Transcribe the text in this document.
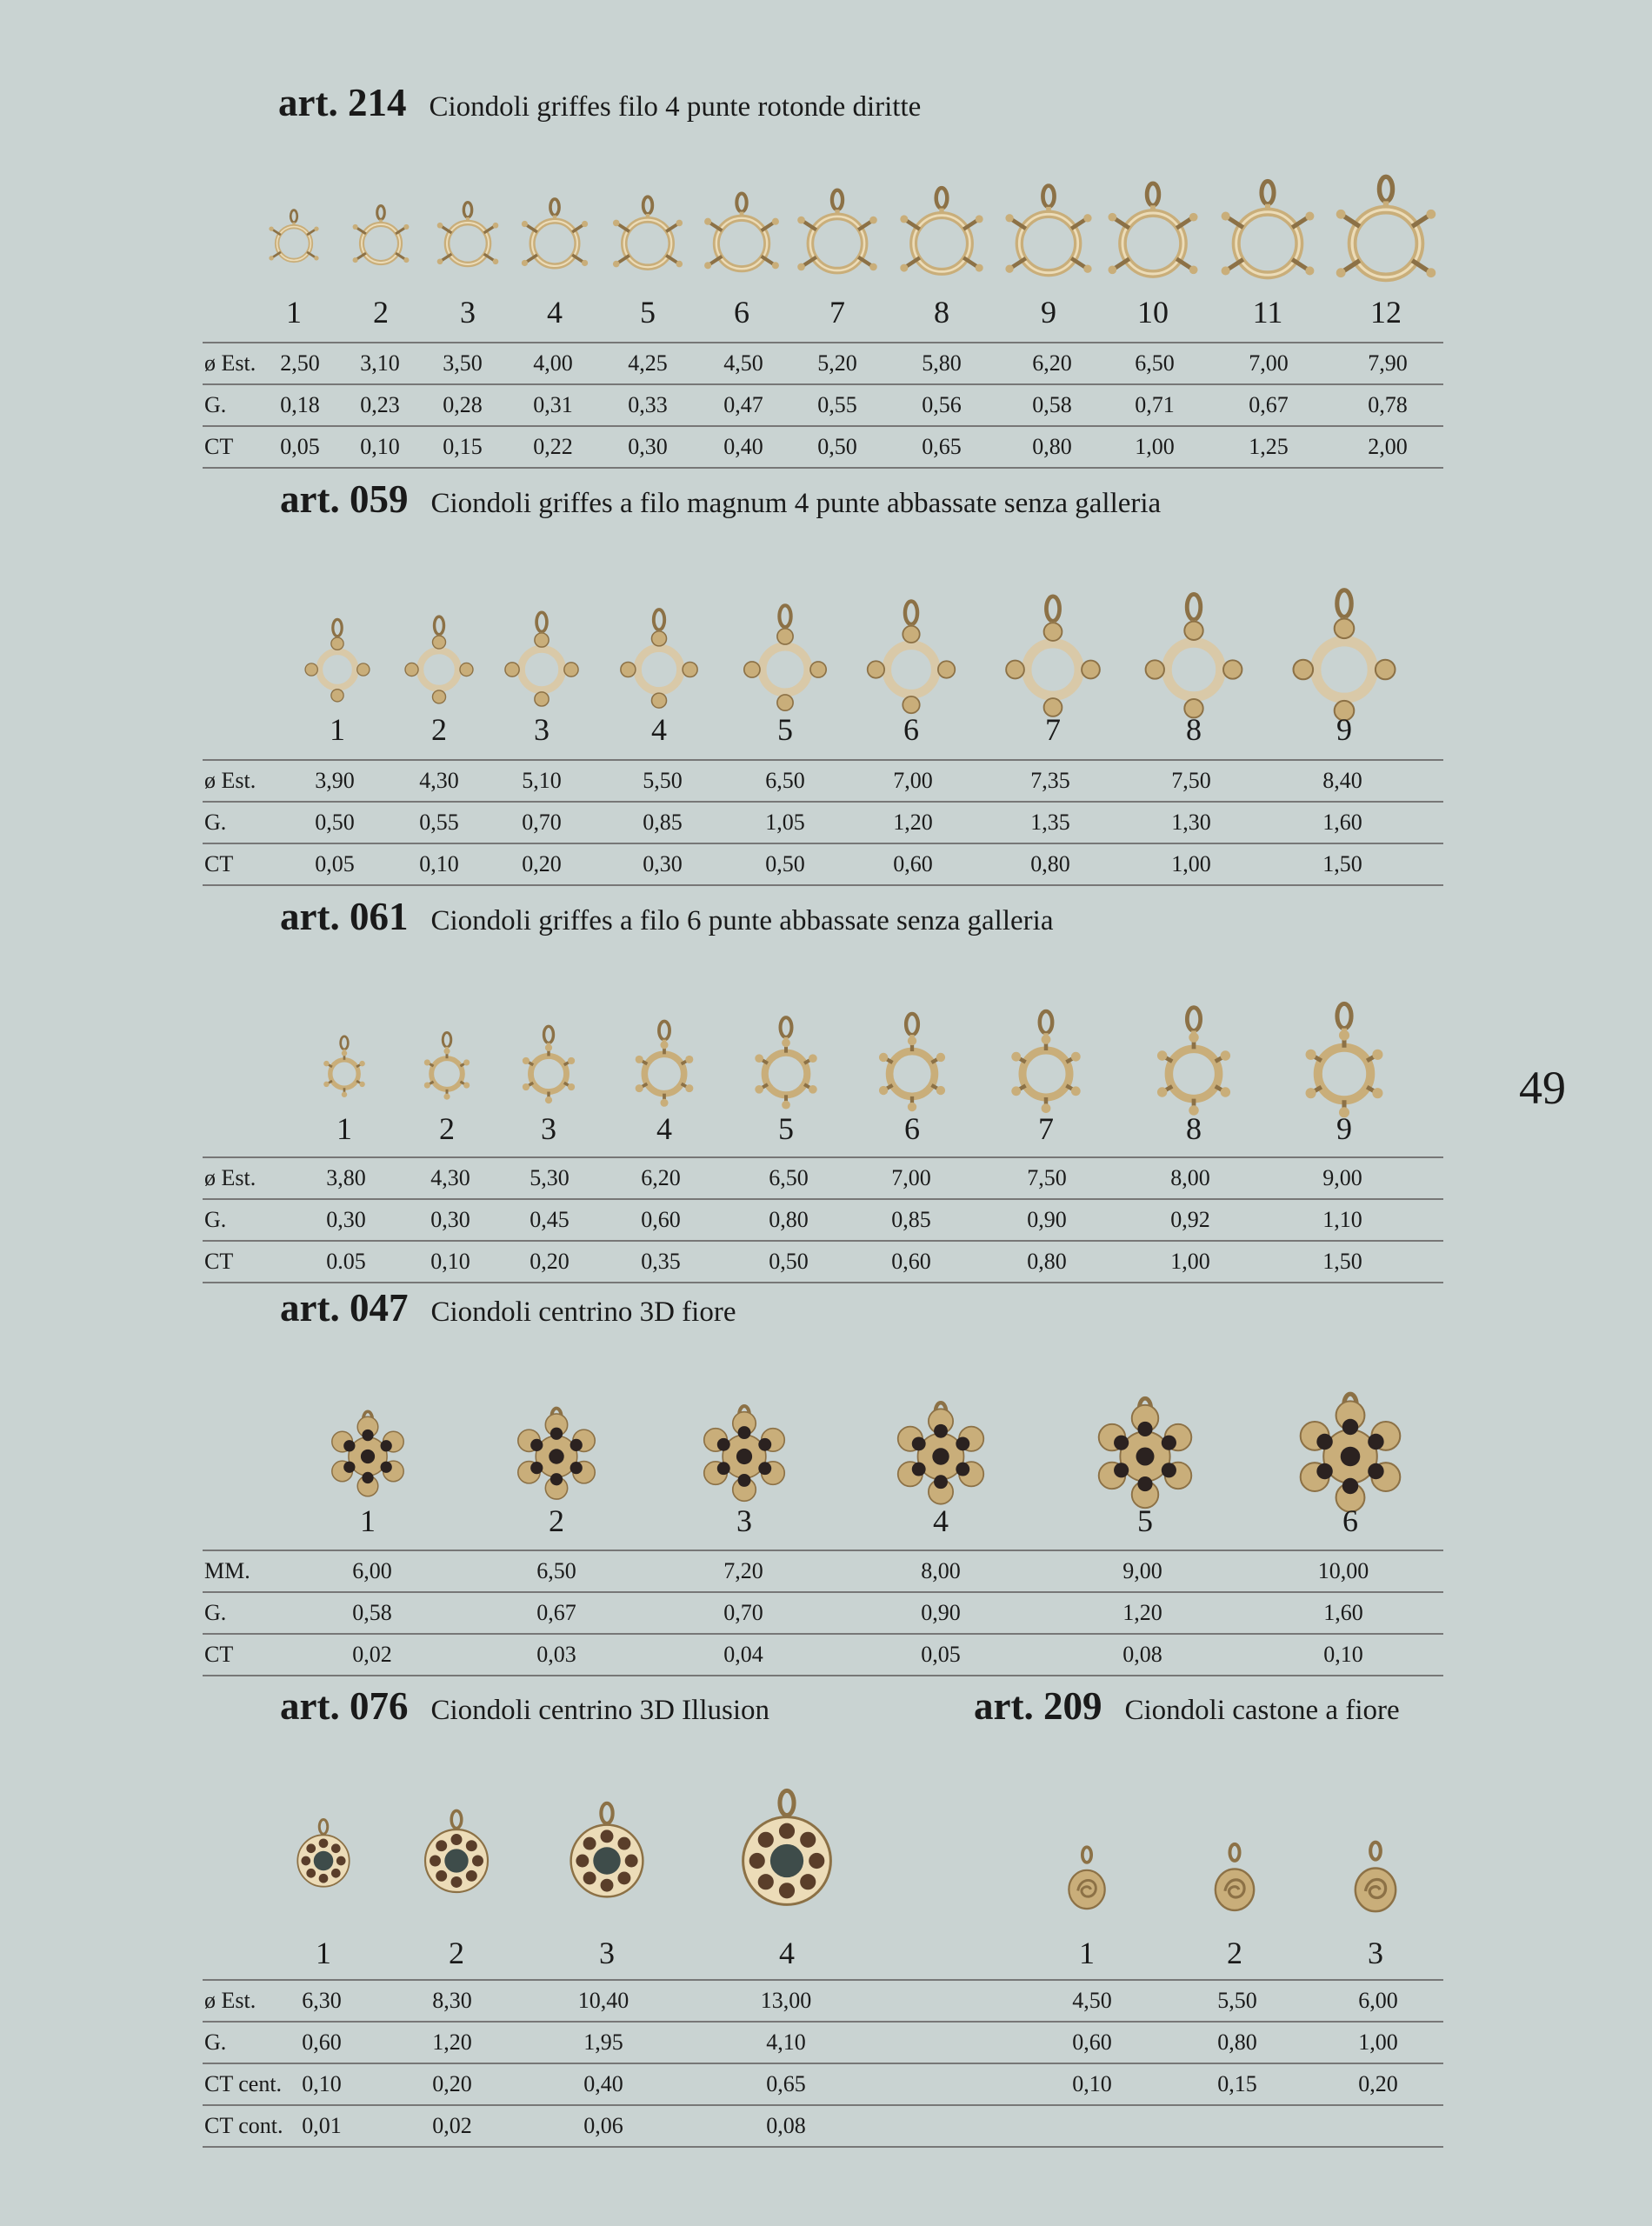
art. 214 Ciondoli griffes filo 4 punte rotonde diritte
1 2 3 4 5	6	7	8	9	10	11	12
ø Est. 2,50 3,10 3,50 4,00 4,25 4,50 5,20	5,80	6,20	6,50	7,00	7,90
G. 0,18 0,23 0,28 0,31 0,33 0,47 0,55	0,56	0,58	0,71	0,67	0,78
CT 0,05 0,10 0,15 0,22 0,30 0,40 0,50	0,65	0,80	1,00	1,25	2,00
art. 059 Ciondoli griffes a filo magnum 4 punte abbassate senza galleria
1	2	3	4	5	6	7	8	9
ø Est.	3,90	4,30	5,10	5,50	6,50	7,00	7,35	7,50	8,40
G.	0,50	0,55	0,70	0,85	1,05	1,20	1,35	1,30	1,60
CT	0,05	0,10	0,20	0,30	0,50	0,60	0,80	1,00	1,50
art. 061 Ciondoli griffes a filo 6 punte abbassate senza galleria
1	2	3	4	5	6	7	8	9
ø Est.	3,80	4,30	5,30	6,20	6,50	7,00	7,50	8,00	9,00
G.	0,30	0,30	0,45	0,60	0,80	0,85	0,90	0,92	1,10
CT	0.05	0,10	0,20	0,35	0,50	0,60	0,80	1,00	1,50
art. 047 Ciondoli centrino 3D fiore
1	2	3	4	5	6
MM.	6,00	6,50	7,20	8,00	9,00	10,00
G.	0,58	0,67	0,70	0,90	1,20	1,60
CT	0,02	0,03	0,04	0,05	0,08	0,10
art. 076 Ciondoli centrino 3D Illusion
1	2	3	4
ø Est. 6,30	8,30	10,40	13,00
G.	0,60	1,20	1,95	4,10
CT cent. 0,10	0,20	0,40	0,65
CT cont. 0,01	0,02	0,06	0,08
art. 209 Ciondoli castone a fiore
1	2	3
4,50	5,50	6,00
0,60	0,80	1,00
0,10	0,15	0,20
49
